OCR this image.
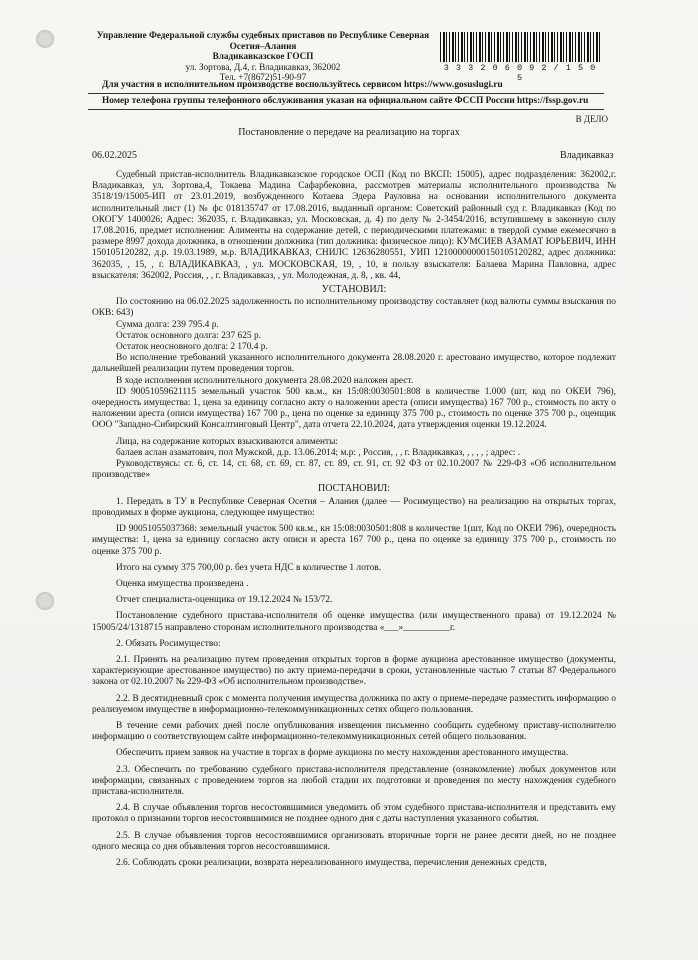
Управление Федеральной службы судебных приставов по Республике Северная Осетия–Алания
Владикавказское ГОСП
ул. Зортова, Д.4, г. Владикавказ, 362002
Тел. +7(8672)51-90-97
3 3 3 2 0 6 0 9 2 / 1 5 0 5
Для участия в исполнительном производстве воспользуйтесь сервисом https://www.gosuslugi.ru
Номер телефона группы телефонного обслуживания указан на официальном сайте ФССП России https://fssp.gov.ru
В ДЕЛО
Постановление о передаче на реализацию на торгах
06.02.2025	Владикавказ

Судебный пристав-исполнитель Владикавказское городское ОСП (Код по ВКСП: 15005), адрес подразделения: 362002,г. Владикавказ, ул. Зортова,4, Токаева Мадина Сафарбековна, рассмотрев материалы исполнительного производства № 3518/19/15005-ИП от 23.01.2019, возбужденного Котаева Эдера Рауловна на основании исполнительного документа исполнительный лист (1) № фс 018135747 от 17.08.2016, выданный органом: Советский районный суд г. Владикавказ (Код по ОКОГУ 1400026; Адрес: 362035, г. Владикавказ, ул. Московская, д. 4) по делу № 2-3454/2016, вступившему в законную силу 17.08.2016, предмет исполнения: Алименты на содержание детей, с периодическими платежами: в твердой сумме ежемесячно в размере 8997 дохода должника, в отношении должника (тип должника: физическое лицо): КУМСИЕВ АЗАМАТ ЮРЬЕВИЧ, ИНН 150105120282, д.р. 19.03.1989, м.р. ВЛАДИКАВКАЗ, СНИЛС 12636280551, УИП 12100000000150105120282, адрес должника: 362035, , 15, , г. ВЛАДИКАВКАЗ, , ул. МОСКОВСКАЯ, 19, , 10, в пользу взыскателя: Балаева Марина Павловна, адрес взыскателя: 362002, Россия, , , г. Владикавказ, , ул. Молодежная, д. 8, , кв. 44,

УСТАНОВИЛ:

По состоянию на 06.02.2025 задолженность по исполнительному производству составляет (код валюты суммы взыскания по ОКВ: 643)

Сумма долга: 239 795.4 р.

Остаток основного долга: 237 625 р.

Остаток неосновного долга: 2 170.4 р.

Во исполнение требований указанного исполнительного документа 28.08.2020 г. арестовано имущество, которое подлежит дальнейшей реализации путем проведения торгов.

В ходе исполнения исполнительного документа 28.08.2020 наложен арест.

ID 90051059621115 земельный участок 500 кв.м., кн 15:08:0030501:808 в количестве 1.000 (шт, код по ОКЕИ 796), очередность имущества: 1, цена за единицу согласно акту о наложении ареста (описи имущества) 167 700 р., стоимость по акту о наложении ареста (описи имущества) 167 700 р., цена по оценке за единицу 375 700 р., стоимость по оценке 375 700 р., оценщик ООО "Западно-Сибирский Консалтинговый Центр", дата отчета 22.10.2024, дата утверждения оценки 19.12.2024.

Лица, на содержание которых взыскиваются алименты:

балаев аслан азаматович, пол Мужской, д.р. 13.06.2014; м.р: , Россия, , , г. Владикавказ, , , , , ; адрес: .

Руководствуясь: ст. 6, ст. 14, ст. 68, ст. 69, ст. 87, ст. 89, ст. 91, ст. 92 ФЗ от 02.10.2007 № 229-ФЗ «Об исполнительном производстве»

ПОСТАНОВИЛ:

1. Передать в ТУ в Республике Северная Осетия – Алания (далее — Росимущество) на реализацию на открытых торгах, проводимых в форме аукциона, следующее имущество:

ID 90051055037368: земельный участок 500 кв.м., кн 15:08:0030501:808 в количестве 1(шт, Код по ОКЕИ 796), очередность имущества: 1, цена за единицу согласно акту описи и ареста 167 700 р., цена по оценке за единицу 375 700 р., стоимость по оценке 375 700 р.

Итого на сумму 375 700,00 р. без учета НДС в количестве 1 лотов.

Оценка имущества произведена .

Отчет специалиста-оценщика от 19.12.2024 № 153/72.

Постановление судебного пристава-исполнителя об оценке имущества (или имущественного права) от 19.12.2024 № 15005/24/1318715 направлено сторонам исполнительного производства «___»__________г.

2. Обязать Росимущество:

2.1. Принять на реализацию путем проведения открытых торгов в форме аукциона арестованное имущество (документы, характеризующие арестованное имущество) по акту приема-передачи в сроки, установленные частью 7 статьи 87 Федерального закона от 02.10.2007 № 229-ФЗ «Об исполнительном производстве».

2.2. В десятидневный срок с момента получения имущества должника по акту о приеме-передаче разместить информацию о реализуемом имуществе в информационно-телекоммуникационных сетях общего пользования.

В течение семи рабочих дней после опубликования извещения письменно сообщить судебному приставу-исполнителю информацию о соответствующем сайте информационно-телекоммуникационных сетей общего пользования.

Обеспечить прием заявок на участие в торгах в форме аукциона по месту нахождения арестованного имущества.

2.3. Обеспечить по требованию судебного пристава-исполнителя представление (ознакомление) любых документов или информации, связанных с проведением торгов на любой стадии их подготовки и проведения по месту нахождения судебного пристава-исполнителя.

2.4. В случае объявления торгов несостоявшимися уведомить об этом судебного пристава-исполнителя и представить ему протокол о признании торгов несостоявшимися не позднее одного дня с даты наступления указанного события.

2.5. В случае объявления торгов несостоявшимися организовать вторичные торги не ранее десяти дней, но не позднее одного месяца со дня объявления торгов несостоявшимися.

2.6. Соблюдать сроки реализации, возврата нереализованного имущества, перечисления денежных средств,
